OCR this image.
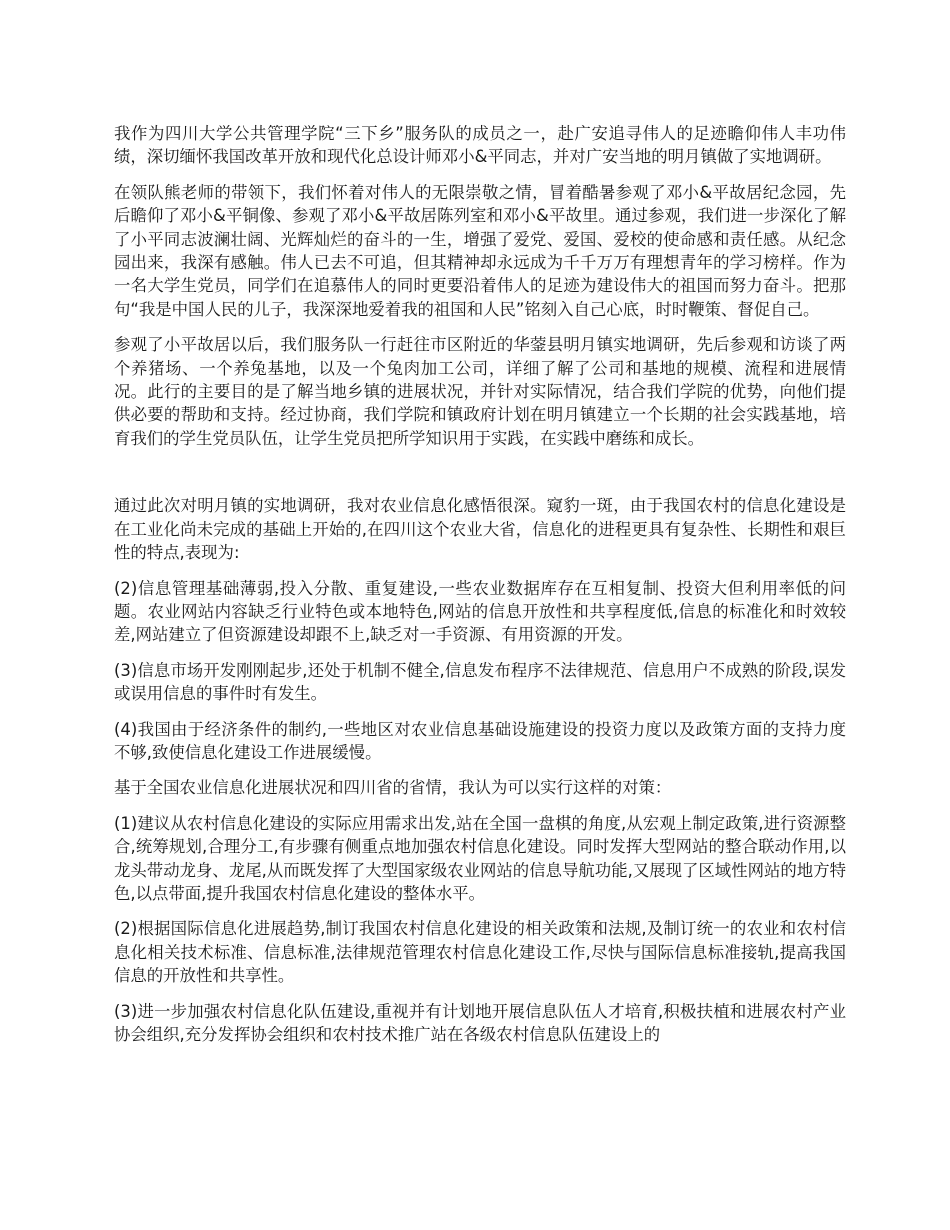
我作为四川大学公共管理学院“三下乡”服务队的成员之一，赴广安追寻伟人的足迹瞻仰伟人丰功伟绩，深切缅怀我国改革开放和现代化总设计师邓小&平同志，并对广安当地的明月镇做了实地调研。

在领队熊老师的带领下，我们怀着对伟人的无限崇敬之情，冒着酷暑参观了邓小&平故居纪念园，先后瞻仰了邓小&平铜像、参观了邓小&平故居陈列室和邓小&平故里。通过参观，我们进一步深化了解了小平同志波澜壮阔、光辉灿烂的奋斗的一生，增强了爱党、爱国、爱校的使命感和责任感。从纪念园出来，我深有感触。伟人已去不可追，但其精神却永远成为千千万万有理想青年的学习榜样。作为一名大学生党员，同学们在追慕伟人的同时更要沿着伟人的足迹为建设伟大的祖国而努力奋斗。把那句“我是中国人民的儿子，我深深地爱着我的祖国和人民”铭刻入自己心底，时时鞭策、督促自己。

参观了小平故居以后，我们服务队一行赶往市区附近的华蓥县明月镇实地调研，先后参观和访谈了两个养猪场、一个养兔基地，以及一个兔肉加工公司，详细了解了公司和基地的规模、流程和进展情况。此行的主要目的是了解当地乡镇的进展状况，并针对实际情况，结合我们学院的优势，向他们提供必要的帮助和支持。经过协商，我们学院和镇政府计划在明月镇建立一个长期的社会实践基地，培育我们的学生党员队伍，让学生党员把所学知识用于实践，在实践中磨练和成长。

通过此次对明月镇的实地调研，我对农业信息化感悟很深。窥豹一斑，由于我国农村的信息化建设是在工业化尚未完成的基础上开始的,在四川这个农业大省，信息化的进程更具有复杂性、长期性和艰巨性的特点,表现为:

(2)信息管理基础薄弱,投入分散、重复建设,一些农业数据库存在互相复制、投资大但利用率低的问题。农业网站内容缺乏行业特色或本地特色,网站的信息开放性和共享程度低,信息的标准化和时效较差,网站建立了但资源建设却跟不上,缺乏对一手资源、有用资源的开发。

(3)信息市场开发刚刚起步,还处于机制不健全,信息发布程序不法律规范、信息用户不成熟的阶段,误发或误用信息的事件时有发生。

(4)我国由于经济条件的制约,一些地区对农业信息基础设施建设的投资力度以及政策方面的支持力度不够,致使信息化建设工作进展缓慢。

基于全国农业信息化进展状况和四川省的省情，我认为可以实行这样的对策：

(1)建议从农村信息化建设的实际应用需求出发,站在全国一盘棋的角度,从宏观上制定政策,进行资源整合,统筹规划,合理分工,有步骤有侧重点地加强农村信息化建设。同时发挥大型网站的整合联动作用,以龙头带动龙身、龙尾,从而既发挥了大型国家级农业网站的信息导航功能,又展现了区域性网站的地方特色,以点带面,提升我国农村信息化建设的整体水平。

(2)根据国际信息化进展趋势,制订我国农村信息化建设的相关政策和法规,及制订统一的农业和农村信息化相关技术标准、信息标准,法律规范管理农村信息化建设工作,尽快与国际信息标准接轨,提高我国信息的开放性和共享性。

(3)进一步加强农村信息化队伍建设,重视并有计划地开展信息队伍人才培育,积极扶植和进展农村产业协会组织,充分发挥协会组织和农村技术推广站在各级农村信息队伍建设上的
